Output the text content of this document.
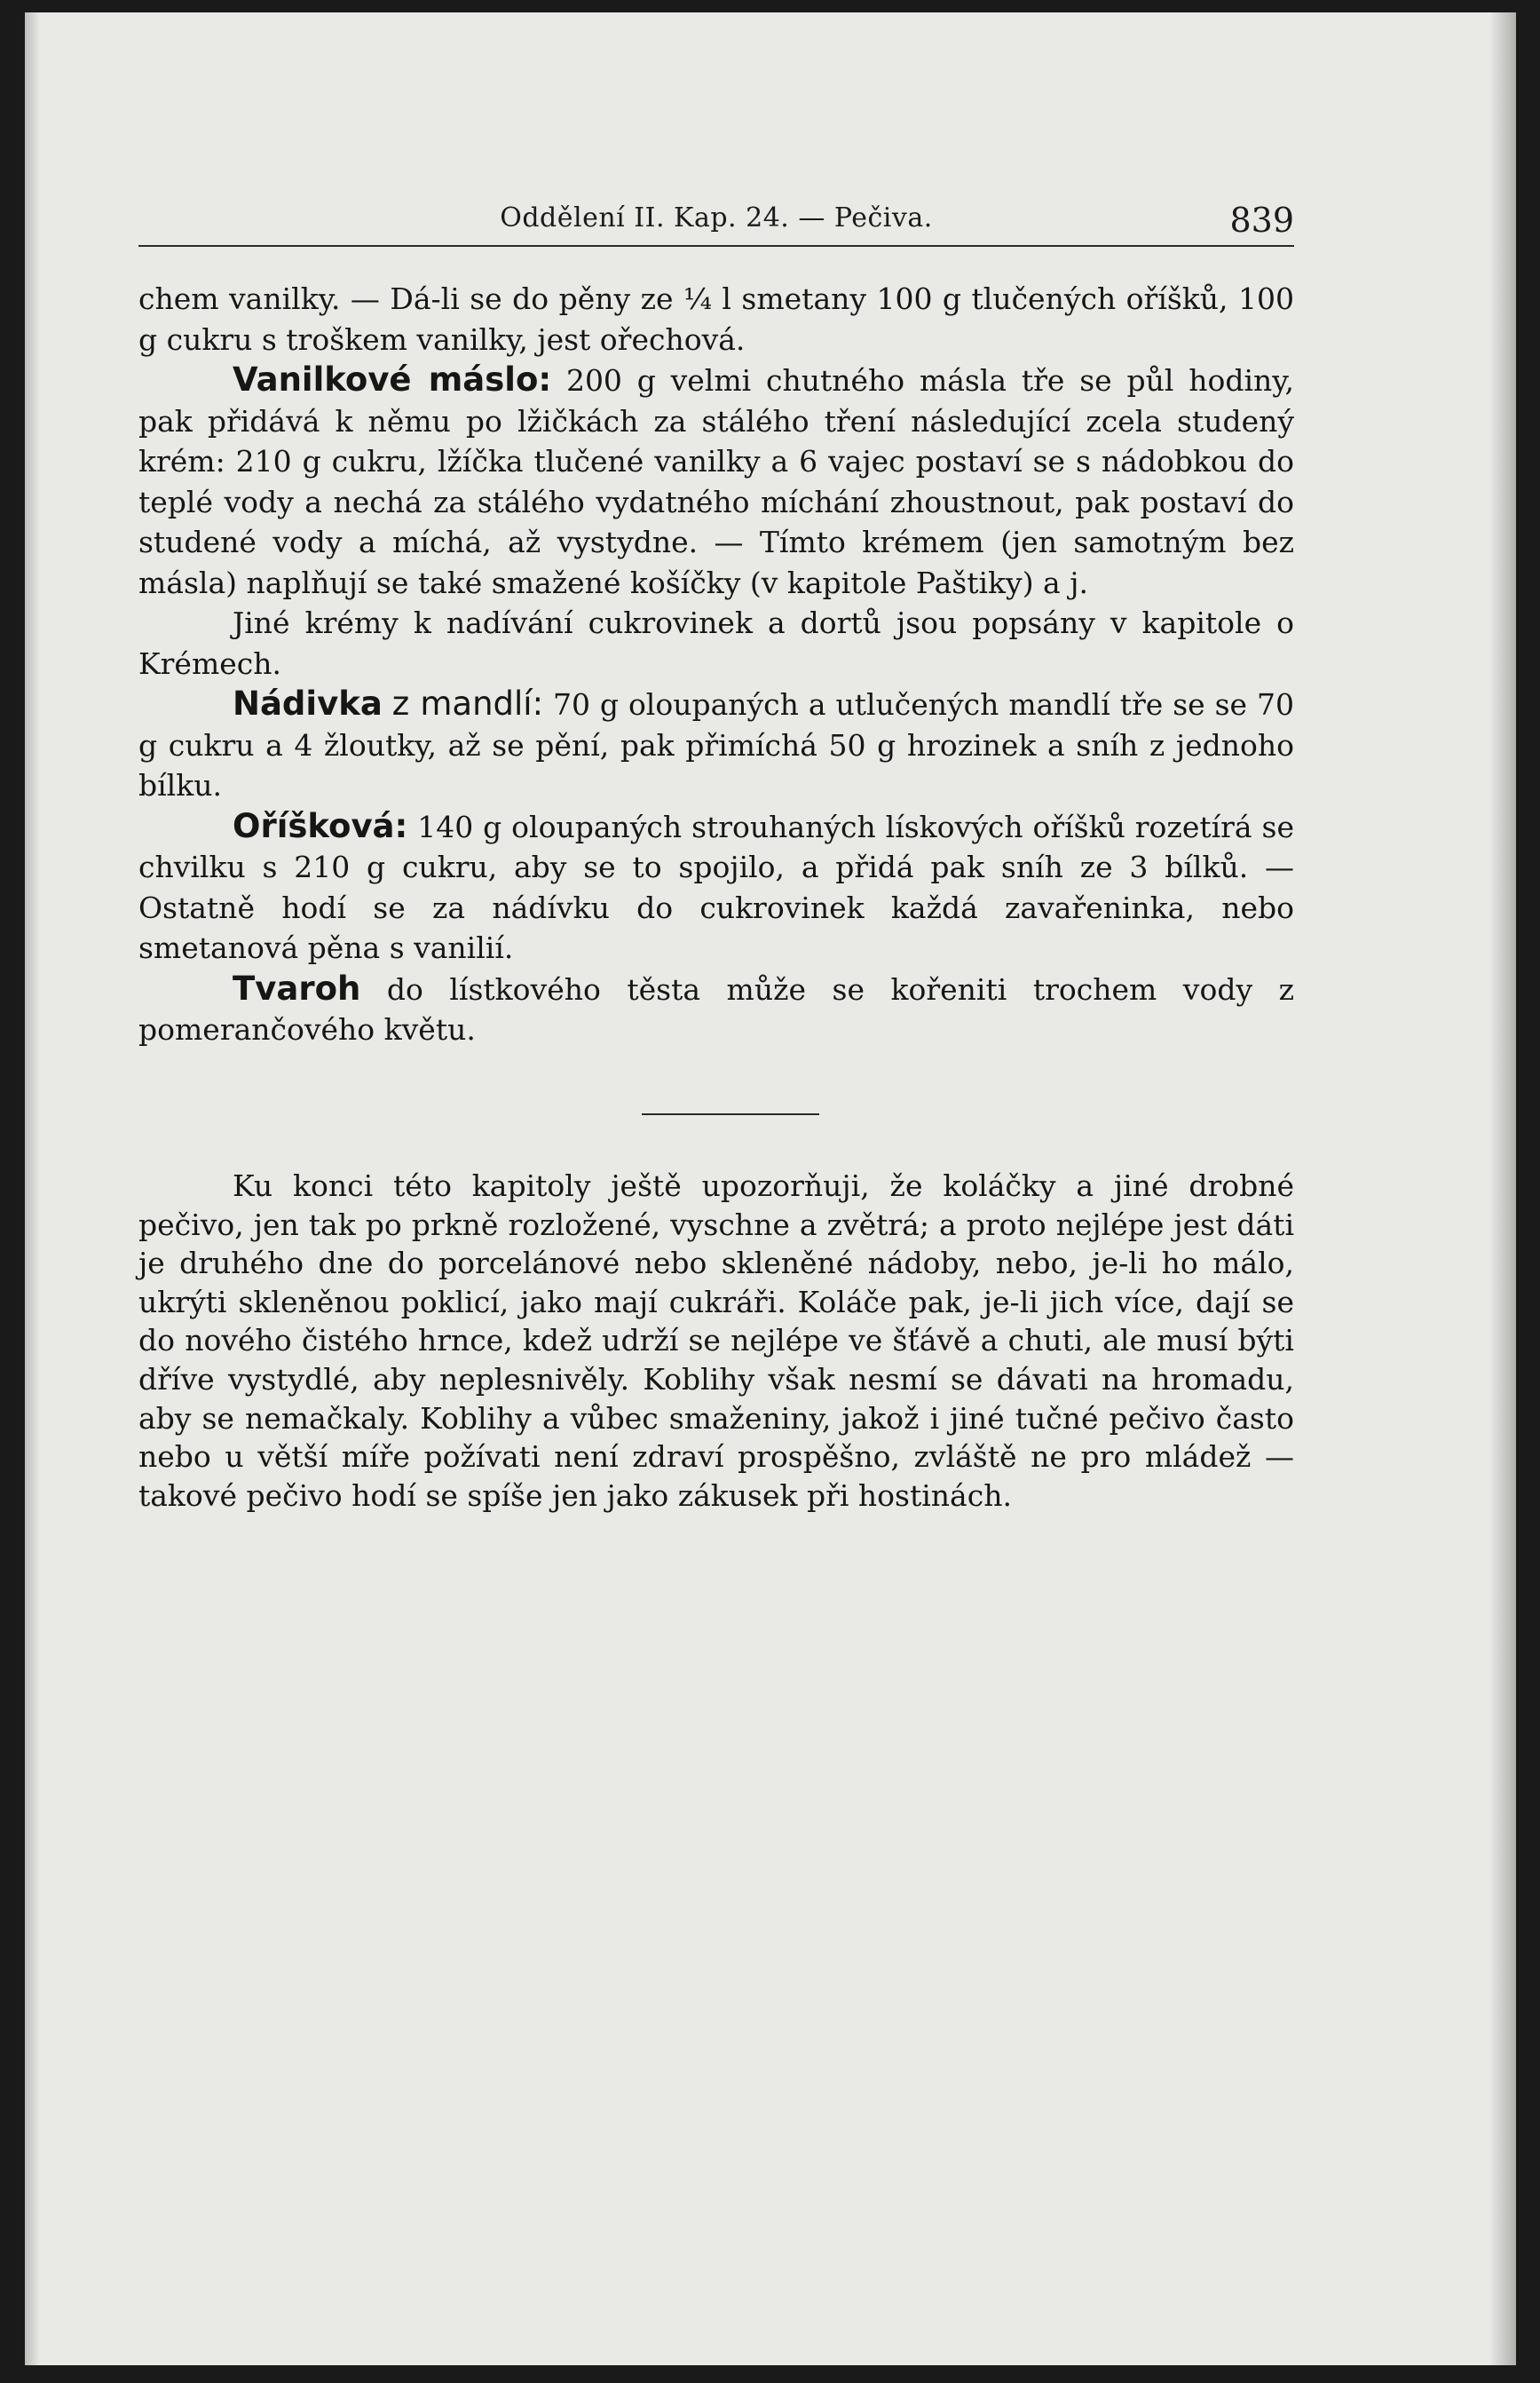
Oddělení II. Kap. 24. — Pečiva.	839

chem vanilky. — Dá-li se do pěny ze ¼ l smetany 100 g tlučených oříšků, 100 g cukru s troškem vanilky, jest ořechová.

Vanilkové máslo: 200 g velmi chutného másla tře se půl hodiny, pak přidává k němu po lžičkách za stálého tření následující zcela studený krém: 210 g cukru, lžíčka tlučené vanilky a 6 vajec postaví se s nádobkou do teplé vody a nechá za stálého vydatného míchání zhoustnout, pak postaví do studené vody a míchá, až vystydne. — Tímto krémem (jen samotným bez másla) naplňují se také smažené košíčky (v kapitole Paštiky) a j.

Jiné krémy k nadívání cukrovinek a dortů jsou popsány v kapitole o Krémech.

Nádivka z mandlí: 70 g oloupaných a utlučených mandlí tře se se 70 g cukru a 4 žloutky, až se pění, pak přimíchá 50 g hrozinek a sníh z jednoho bílku.

Oříšková: 140 g oloupaných strouhaných lískových oříšků rozetírá se chvilku s 210 g cukru, aby se to spojilo, a přidá pak sníh ze 3 bílků. — Ostatně hodí se za nádívku do cukrovinek každá zavařeninka, nebo smetanová pěna s vanilií.

Tvaroh do lístkového těsta může se kořeniti trochem vody z pomerančového květu.

Ku konci této kapitoly ještě upozorňuji, že koláčky a jiné drobné pečivo, jen tak po prkně rozložené, vyschne a zvětrá; a proto nejlépe jest dáti je druhého dne do porcelánové nebo skleněné nádoby, nebo, je-li ho málo, ukrýti skleněnou poklicí, jako mají cukráři. Koláče pak, je-li jich více, dají se do nového čistého hrnce, kdež udrží se nejlépe ve šťávě a chuti, ale musí býti dříve vystydlé, aby neplesnivěly. Koblihy však nesmí se dávati na hromadu, aby se nemačkaly. Koblihy a vůbec smaženiny, jakož i jiné tučné pečivo často nebo u větší míře požívati není zdraví prospěšno, zvláště ne pro mládež — takové pečivo hodí se spíše jen jako zákusek při hostinách.
